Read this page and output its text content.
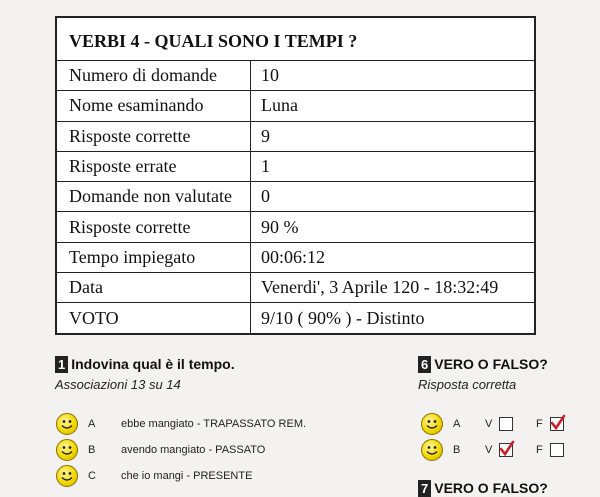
VERBI 4 - QUALI SONO I TEMPI ?
Numero di domande	10
Nome esaminando	Luna
Risposte corrette	9
Risposte errate	1
Domande non valutate	0
Risposte corrette	90 %
Tempo impiegato	00:06:12
Data	Venerdi', 3 Aprile 120 - 18:32:49
VOTO	9/10 ( 90% ) - Distinto
1 Indovina qual è il tempo.
Associazioni 13 su 14
A ebbe mangiato - TRAPASSATO REM.
B avendo mangiato - PASSATO
C che io mangi - PRESENTE
6 VERO O FALSO?
Risposta corretta
A V	F
B V	F
7 VERO O FALSO?
